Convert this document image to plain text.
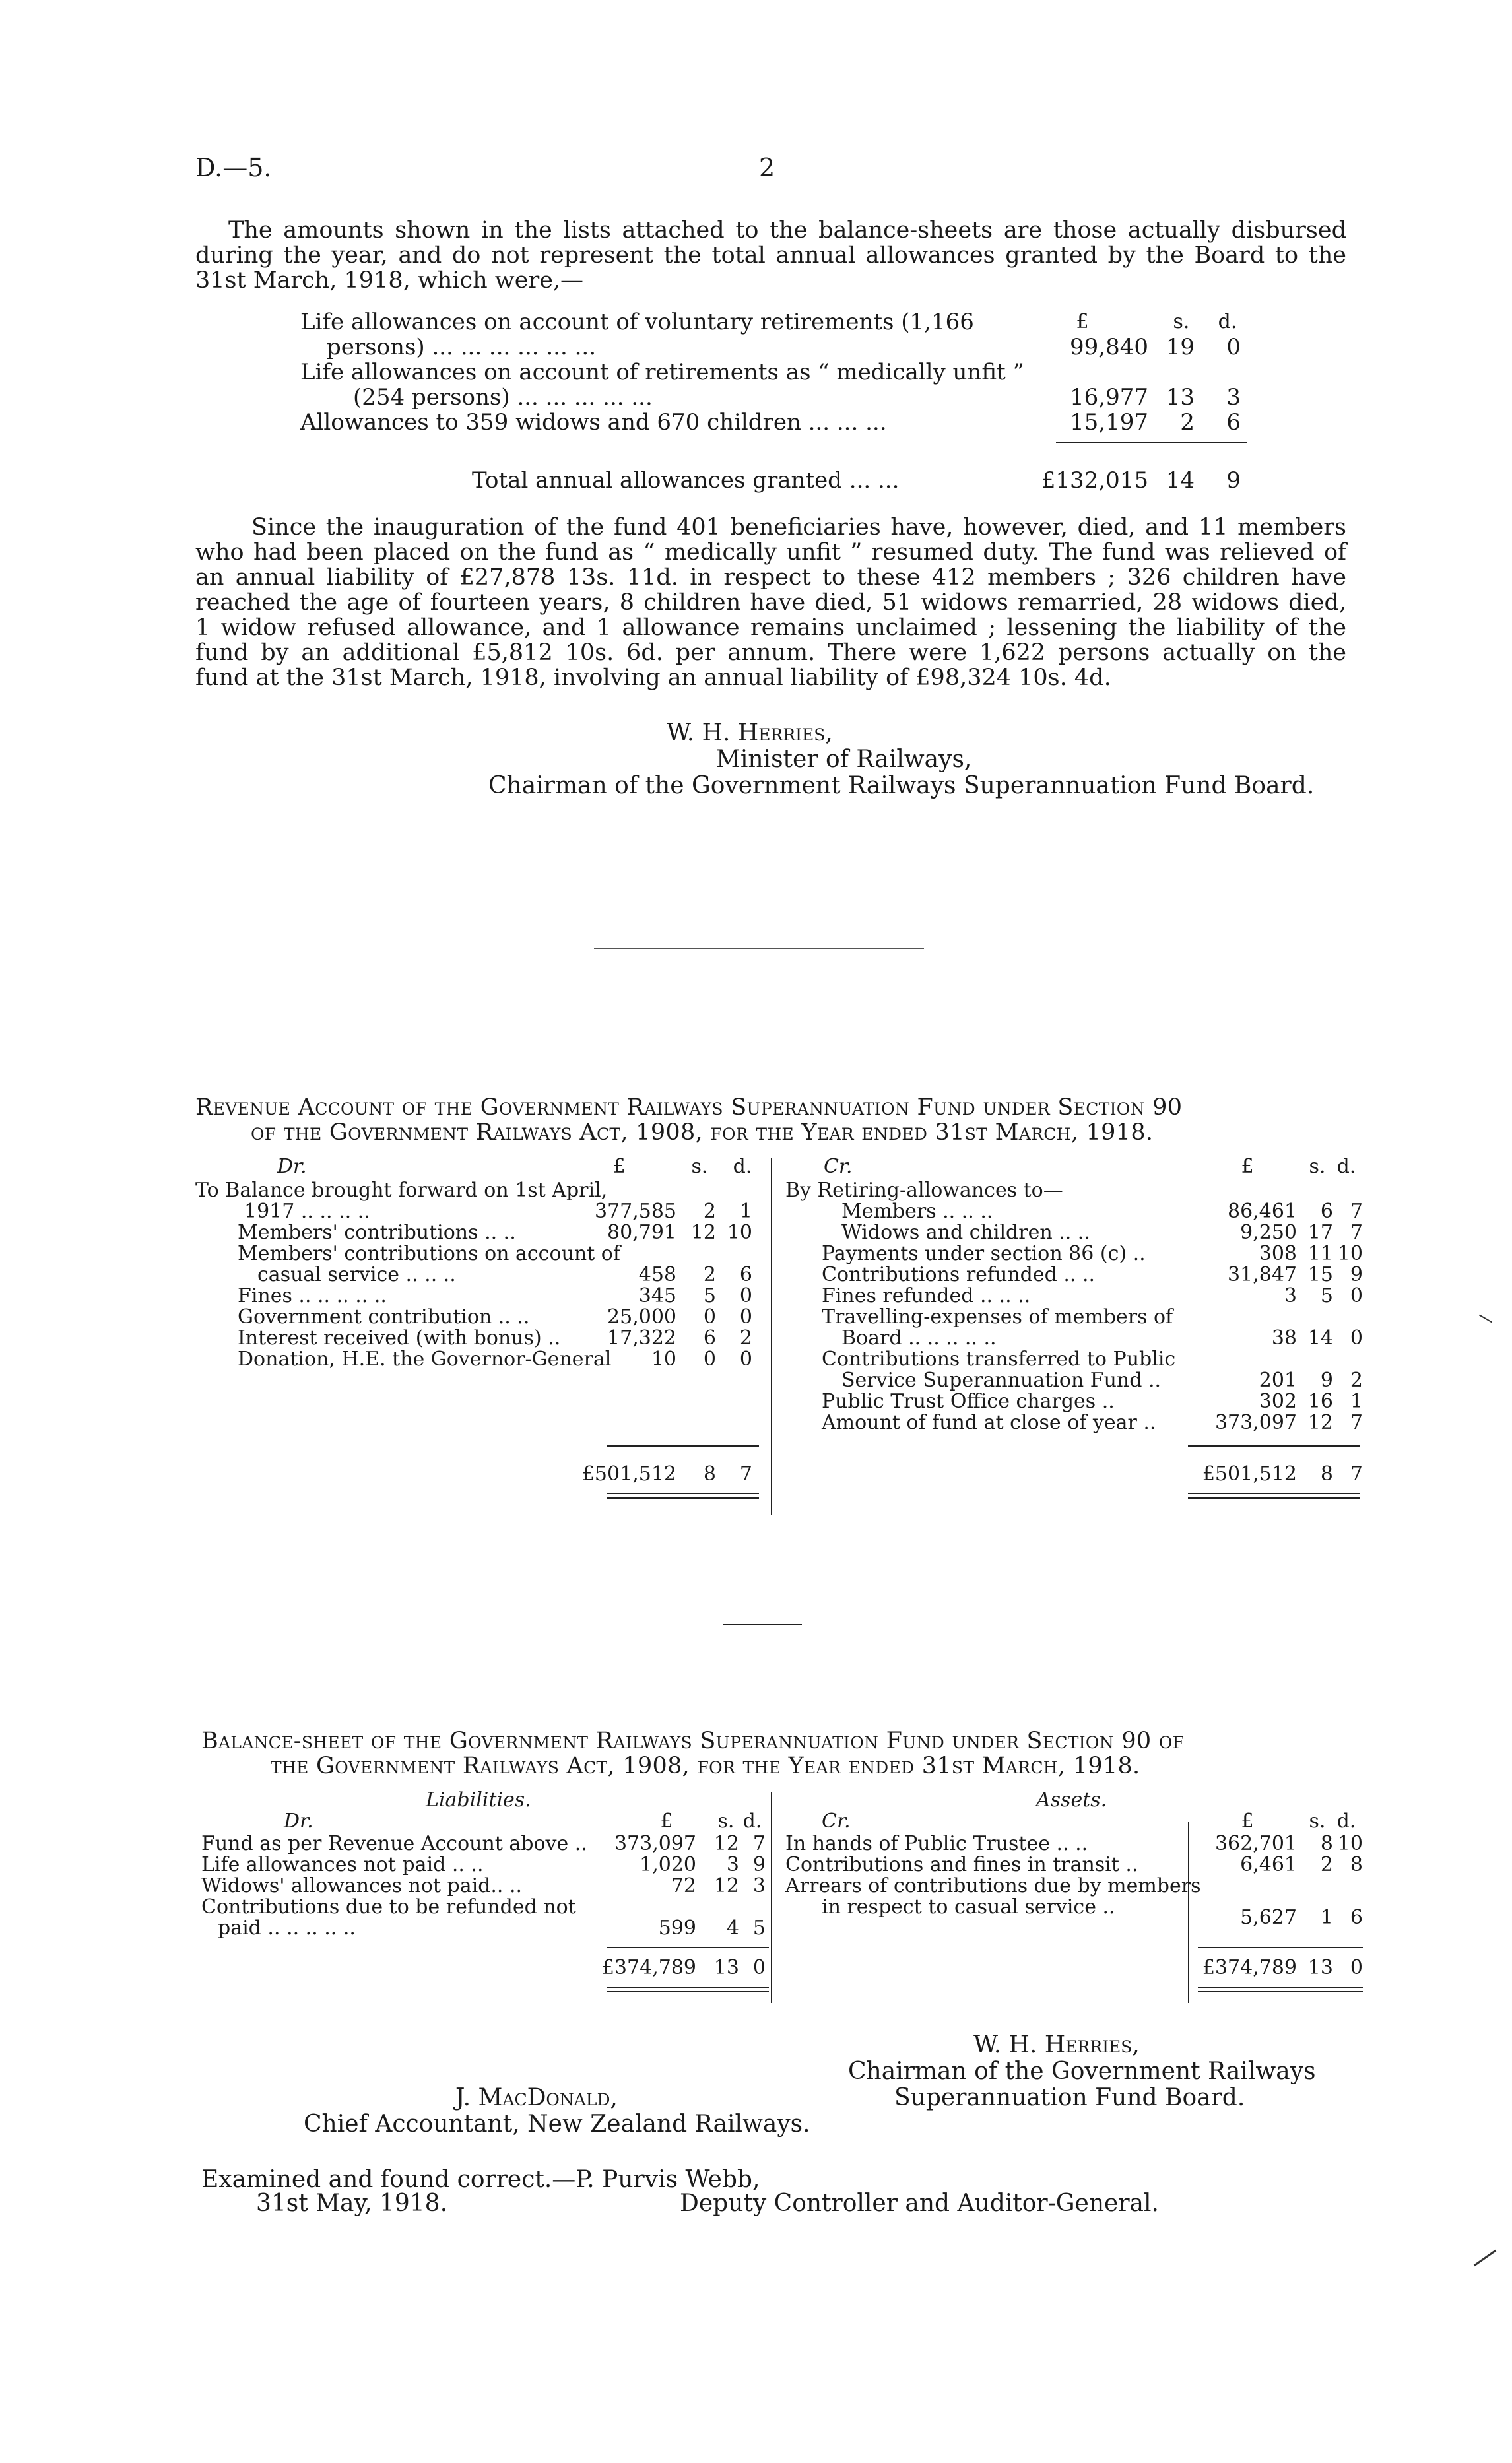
D.—5.	2
The amounts shown in the lists attached to the balance-sheets are those actually disbursed
during the year, and do not represent the total annual allowances granted by the Board to the
31st March, 1918, which were,—
£	s. d.
Life allowances on account of voluntary retirements (1,166
persons) ... ... ... ... ... ...	99,840 19	0
Life allowances on account of retirements as “ medically unfit ”
(254 persons) ... ... ... ... ...	16,977 13	3
Allowances to 359 widows and 670 children ... ... ...	15,197	2	6
Total annual allowances granted ... ...	£132,015 14	9
Since the inauguration of the fund 401 beneficiaries have, however, died, and 11 members
who had been placed on the fund as “ medically unfit ” resumed duty. The fund was relieved of
an annual liability of £27,878 13s. 11d. in respect to these 412 members ; 326 children have
reached the age of fourteen years, 8 children have died, 51 widows remarried, 28 widows died,
1 widow refused allowance, and 1 allowance remains unclaimed ; lessening the liability of the
fund by an additional £5,812 10s. 6d. per annum. There were 1,622 persons actually on the
fund at the 31st March, 1918, involving an annual liability of £98,324 10s. 4d.
W. H. Herries,
Minister of Railways,
Chairman of the Government Railways Superannuation Fund Board.
Revenue Account of the Government Railways Superannuation Fund under Section 90
of the Government Railways Act, 1908, for the Year ended 31st March, 1918.
Dr.	£	s. d.	Cr.	£	s. d.
To Balance brought forward on 1st April,
1917 .. .. .. ..	377,585	2	1
Members' contributions .. ..	80,791 12 10
Members' contributions on account of
casual service .. .. ..	458	2	6
Fines .. .. .. .. ..	345	5	0
Government contribution .. ..	25,000	0	0
Interest received (with bonus) ..	17,322	6	2
Donation, H.E. the Governor-General	10	0	0
£501,512	8	7
By Retiring-allowances to—
Members .. .. ..	86,461	6 7
Widows and children .. ..	9,250 17 7
Payments under section 86 (c) ..	308 11 10
Contributions refunded .. ..	31,847 15 9
Fines refunded .. .. ..	3	5 0
Travelling-expenses of members of
Board .. .. .. .. ..	38 14 0
Contributions transferred to Public
Service Superannuation Fund ..	201	9 2
Public Trust Office charges ..	302 16 1
Amount of fund at close of year ..	373,097 12 7
£501,512	8 7
Balance-sheet of the Government Railways Superannuation Fund under Section 90 of
the Government Railways Act, 1908, for the Year ended 31st March, 1918.
Liabilities.	Assets.
Dr.	£	s. d.	Cr.	£	s. d.
Fund as per Revenue Account above ..	373,097 12 7
Life allowances not paid .. ..	1,020	3 9
Widows' allowances not paid.. ..	72 12 3
Contributions due to be refunded not
paid .. .. .. .. ..	599	4 5
£374,789 13 0
In hands of Public Trustee .. ..	362,701	8 10
Contributions and fines in transit ..	6,461	2 8
Arrears of contributions due by members
in respect to casual service ..	5,627	1 6
£374,789 13 0
W. H. Herries,
Chairman of the Government Railways
Superannuation Fund Board.
J. MacDonald,
Chief Accountant, New Zealand Railways.
Examined and found correct.—P. Purvis Webb,
31st May, 1918.	Deputy Controller and Auditor-General.
